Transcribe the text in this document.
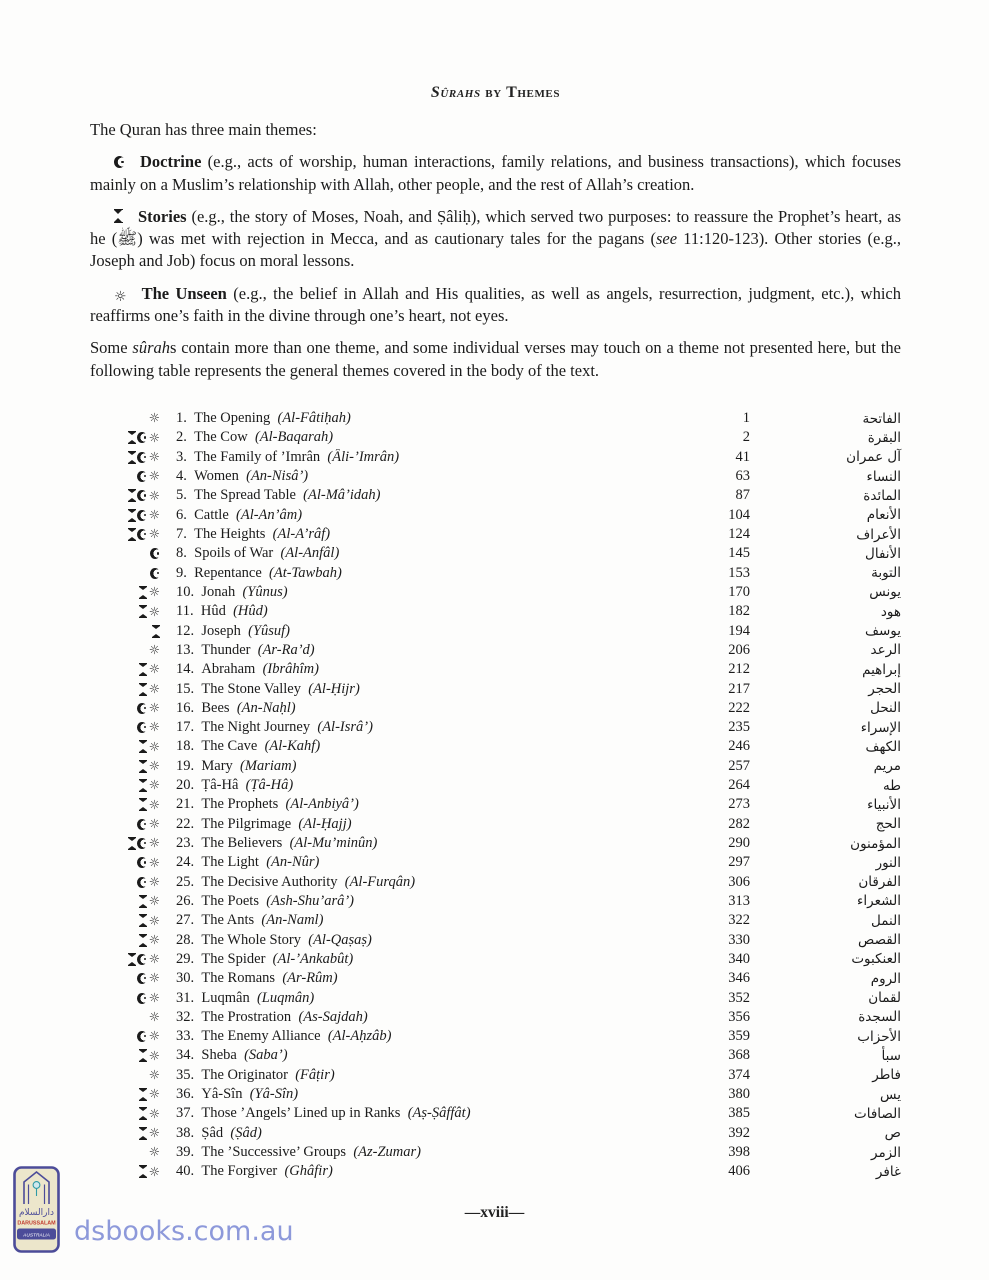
Sûrahs by Themes

The Quran has three main themes:

Doctrine (e.g., acts of worship, human interactions, family relations, and business transactions), which focuses mainly on a Muslim’s relationship with Allah, other people, and the rest of Allah’s creation.

Stories (e.g., the story of Moses, Noah, and Ṣâliḥ), which served two purposes: to reassure the Prophet’s heart, as he (ﷺ) was met with rejection in Mecca, and as cautionary tales for the pagans (see 11:120-123). Other stories (e.g., Joseph and Job) focus on moral lessons.

☼ The Unseen (e.g., the belief in Allah and His qualities, as well as angels, resurrection, judgment, etc.), which reaffirms one’s faith in the divine through one’s heart, not eyes.

Some sûrahs contain more than one theme, and some individual verses may touch on a theme not presented here, but the following table represents the general themes covered in the body of the text.

☼ 1. The Opening (Al-Fâtiḥah)	1	الفاتحة
☼ 2. The Cow (Al-Baqarah)	2	البقرة
☼ 3. The Family of ’Imrân (Âli-’Imrân)	41	آل عمران
☼ 4. Women (An-Nisâ’)	63	النساء
☼ 5. The Spread Table (Al-Mâ’idah)	87	المائدة
☼ 6. Cattle (Al-An’âm)	104	الأنعام
☼ 7. The Heights (Al-A’râf)	124	الأعراف
8. Spoils of War (Al-Anfâl)	145	الأنفال
9. Repentance (At-Tawbah)	153	التوبة
☼ 10. Jonah (Yûnus)	170	يونس
☼ 11. Hûd (Hûd)	182	هود
12. Joseph (Yûsuf)	194	يوسف
☼ 13. Thunder (Ar-Ra’d)	206	الرعد
☼ 14. Abraham (Ibrâhîm)	212	إبراهيم
☼ 15. The Stone Valley (Al-Ḥijr)	217	الحجر
☼ 16. Bees (An-Naḥl)	222	النحل
☼ 17. The Night Journey (Al-Isrâ’)	235	الإسراء
☼ 18. The Cave (Al-Kahf)	246	الكهف
☼ 19. Mary (Mariam)	257	مريم
☼ 20. Ṭâ-Hâ (Ṭâ-Hâ)	264	طه
☼ 21. The Prophets (Al-Anbiyâ’)	273	الأنبياء
☼ 22. The Pilgrimage (Al-Ḥajj)	282	الحج
☼ 23. The Believers (Al-Mu’minûn)	290	المؤمنون
☼ 24. The Light (An-Nûr)	297	النور
☼ 25. The Decisive Authority (Al-Furqân)	306	الفرقان
☼ 26. The Poets (Ash-Shu’arâ’)	313	الشعراء
☼ 27. The Ants (An-Naml)	322	النمل
☼ 28. The Whole Story (Al-Qaṣaṣ)	330	القصص
☼ 29. The Spider (Al-’Ankabût)	340	العنكبوت
☼ 30. The Romans (Ar-Rûm)	346	الروم
☼ 31. Luqmân (Luqmân)	352	لقمان
☼ 32. The Prostration (As-Sajdah)	356	السجدة
☼ 33. The Enemy Alliance (Al-Aḥzâb)	359	الأحزاب
☼ 34. Sheba (Saba’)	368	سبأ
☼ 35. The Originator (Fâṭir)	374	فاطر
☼ 36. Yâ-Sîn (Yâ-Sîn)	380	يس
☼ 37. Those ’Angels’ Lined up in Ranks (Aṣ-Ṣâffât)	385	الصافات
☼ 38. Ṣâd (Ṣâd)	392	ص
☼ 39. The ’Successive’ Groups (Az-Zumar)	398	الزمر
☼ 40. The Forgiver (Ghâfir)	406	غافر
—xviii—
دارالسلام
DARUSSALAM
AUSTRALIA dsbooks.com.au
